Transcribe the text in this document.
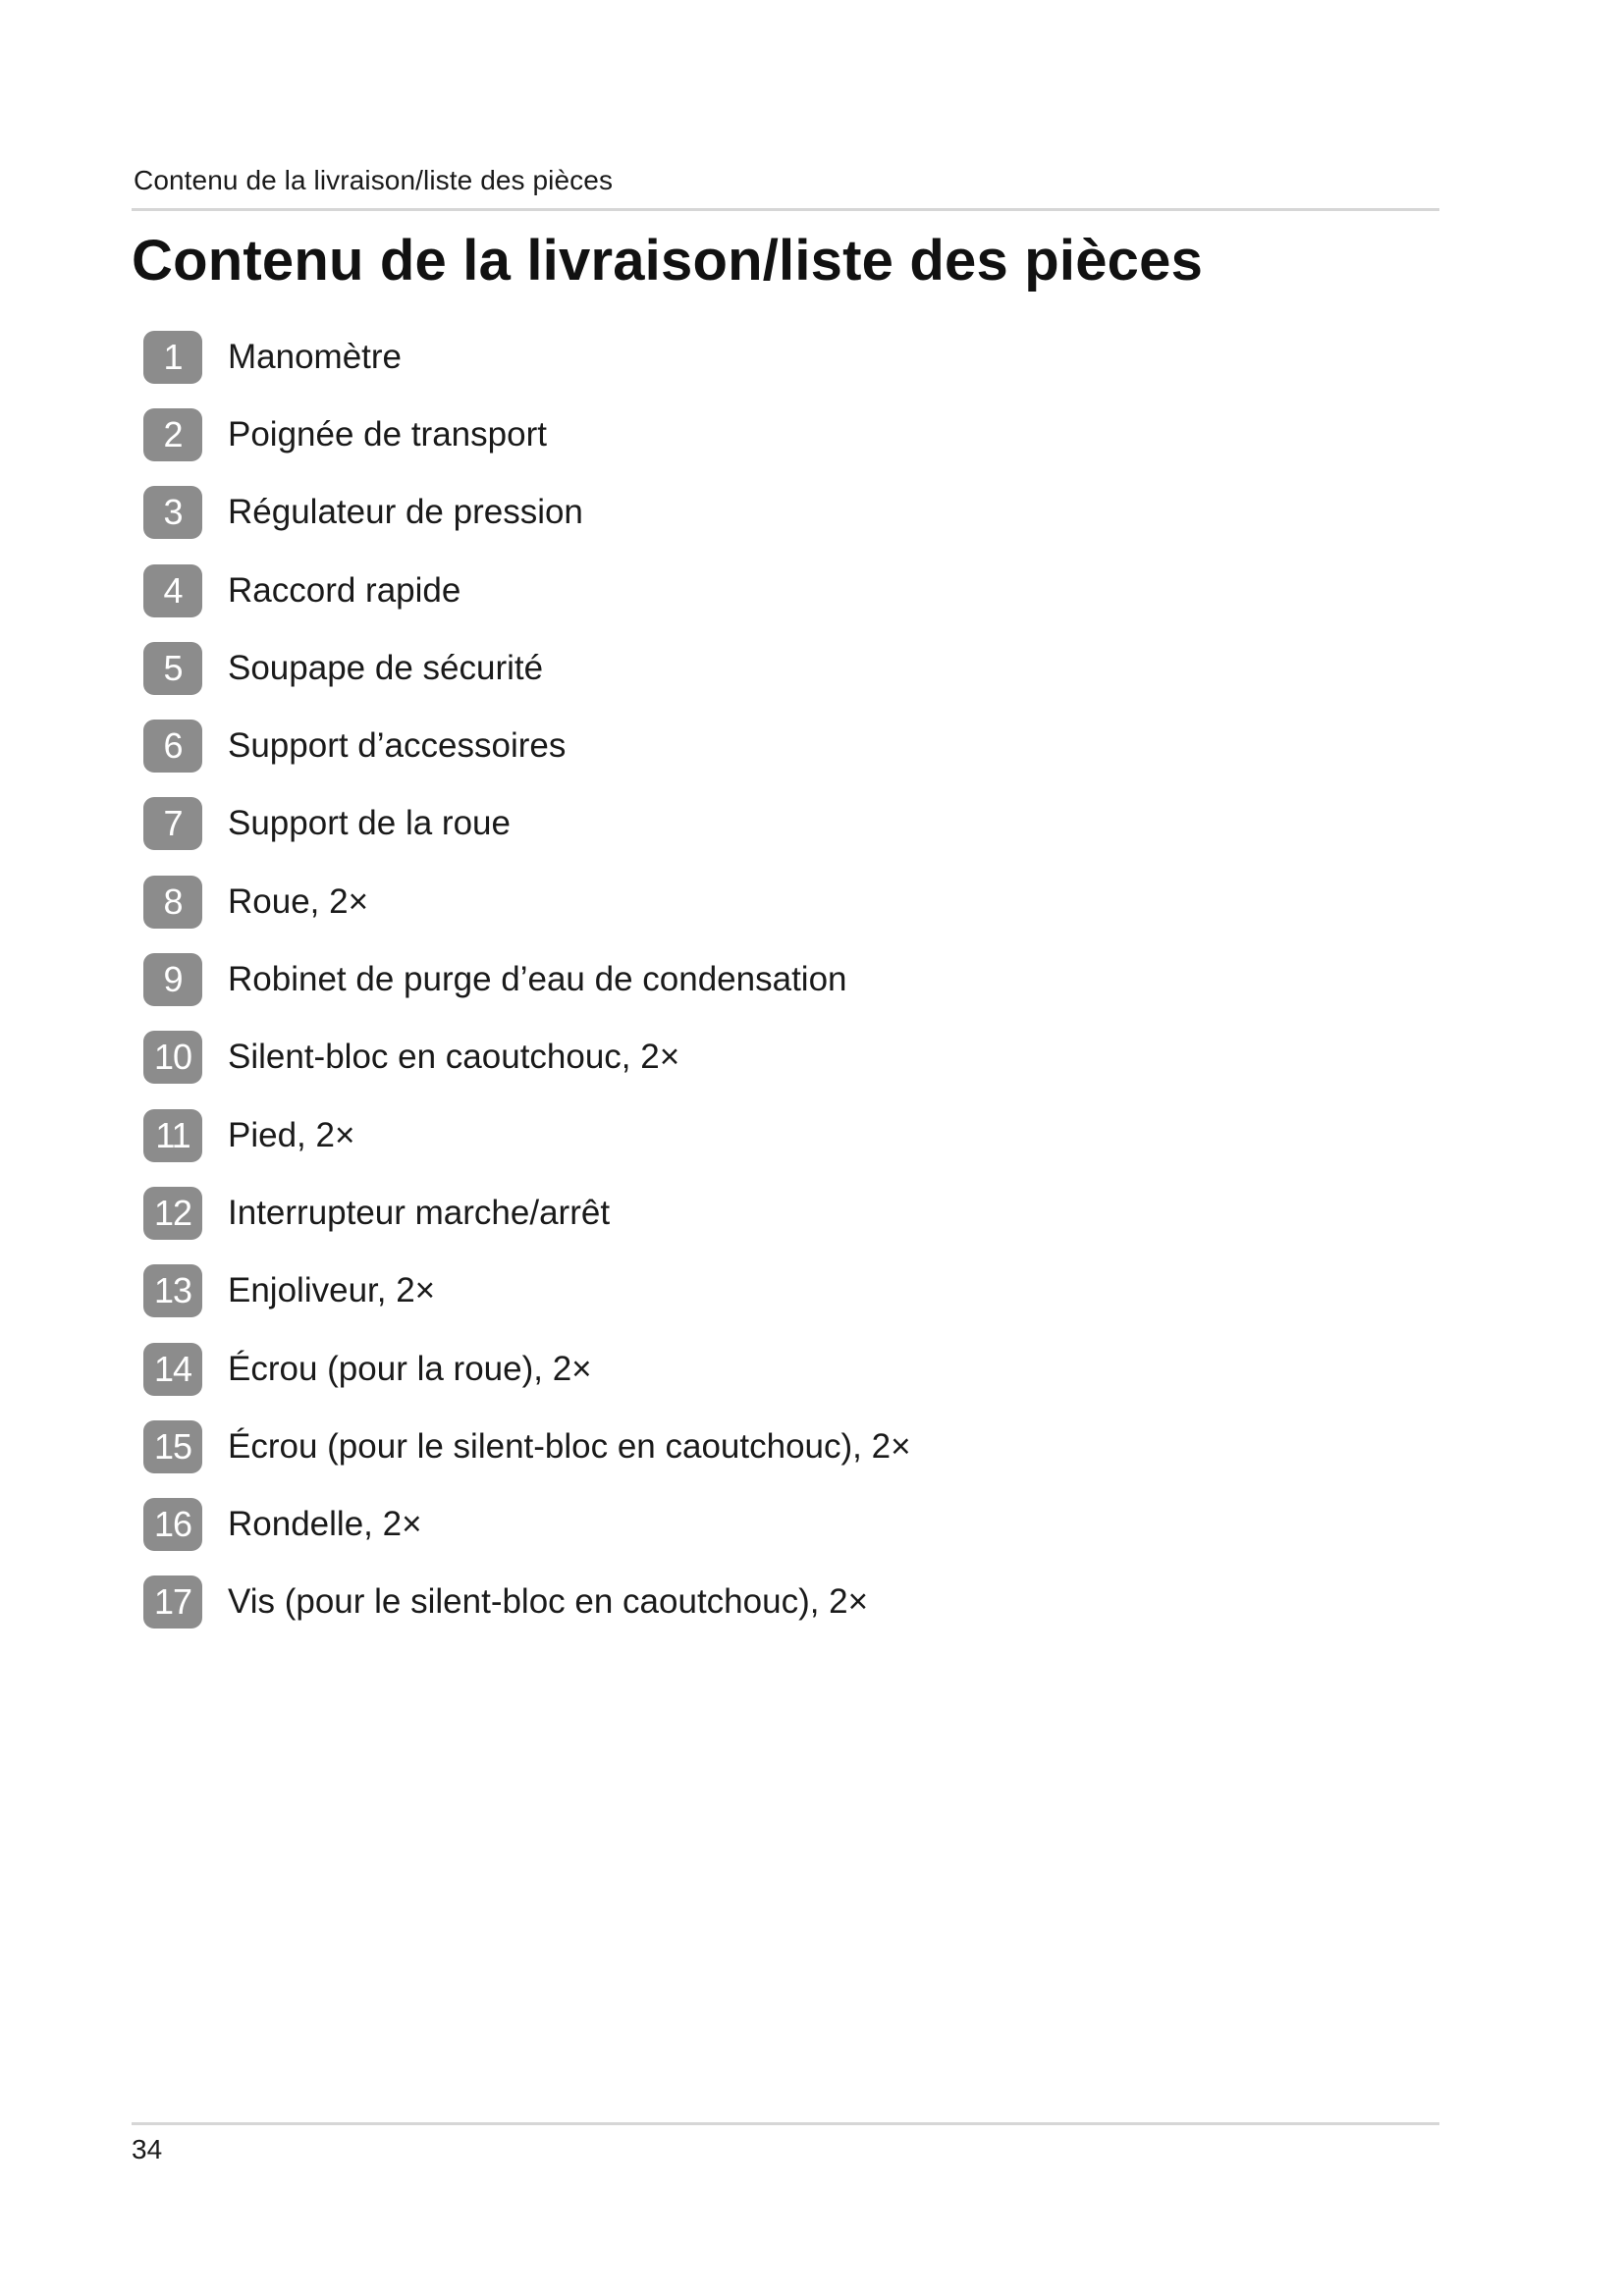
Contenu de la livraison/liste des pièces
Contenu de la livraison/liste des pièces
1	Manomètre
2	Poignée de transport
3	Régulateur de pression
4	Raccord rapide
5	Soupape de sécurité
6	Support d’accessoires
7	Support de la roue
8	Roue, 2×
9	Robinet de purge d’eau de condensation
10	Silent-bloc en caoutchouc, 2×
11	Pied, 2×
12	Interrupteur marche/arrêt
13	Enjoliveur, 2×
14	Écrou (pour la roue), 2×
15	Écrou (pour le silent-bloc en caoutchouc), 2×
16	Rondelle, 2×
17	Vis (pour le silent-bloc en caoutchouc), 2×
34
